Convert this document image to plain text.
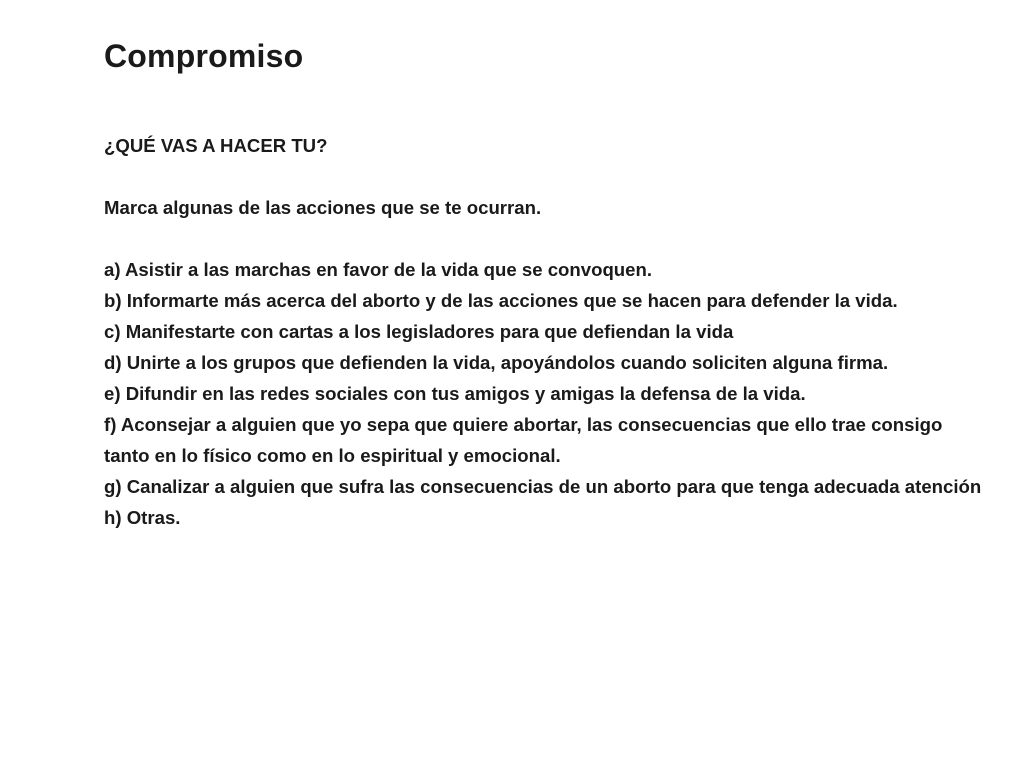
Compromiso

¿QUÉ VAS A HACER TU?

Marca algunas de las acciones que se te ocurran.

a) Asistir a las marchas en favor de la vida que se convoquen.
b) Informarte más acerca del aborto y de las acciones que se hacen para defender la vida.
c) Manifestarte con cartas a los legisladores para que defiendan la vida
d) Unirte a los grupos que defienden la vida, apoyándolos cuando soliciten alguna firma.
e) Difundir en las redes sociales con tus amigos y amigas la defensa de la vida.
f) Aconsejar a alguien que yo sepa que quiere abortar, las consecuencias que ello trae consigo tanto en lo físico como en lo espiritual y emocional.
g) Canalizar a alguien que sufra las consecuencias de un aborto para que tenga adecuada atención
h) Otras.
